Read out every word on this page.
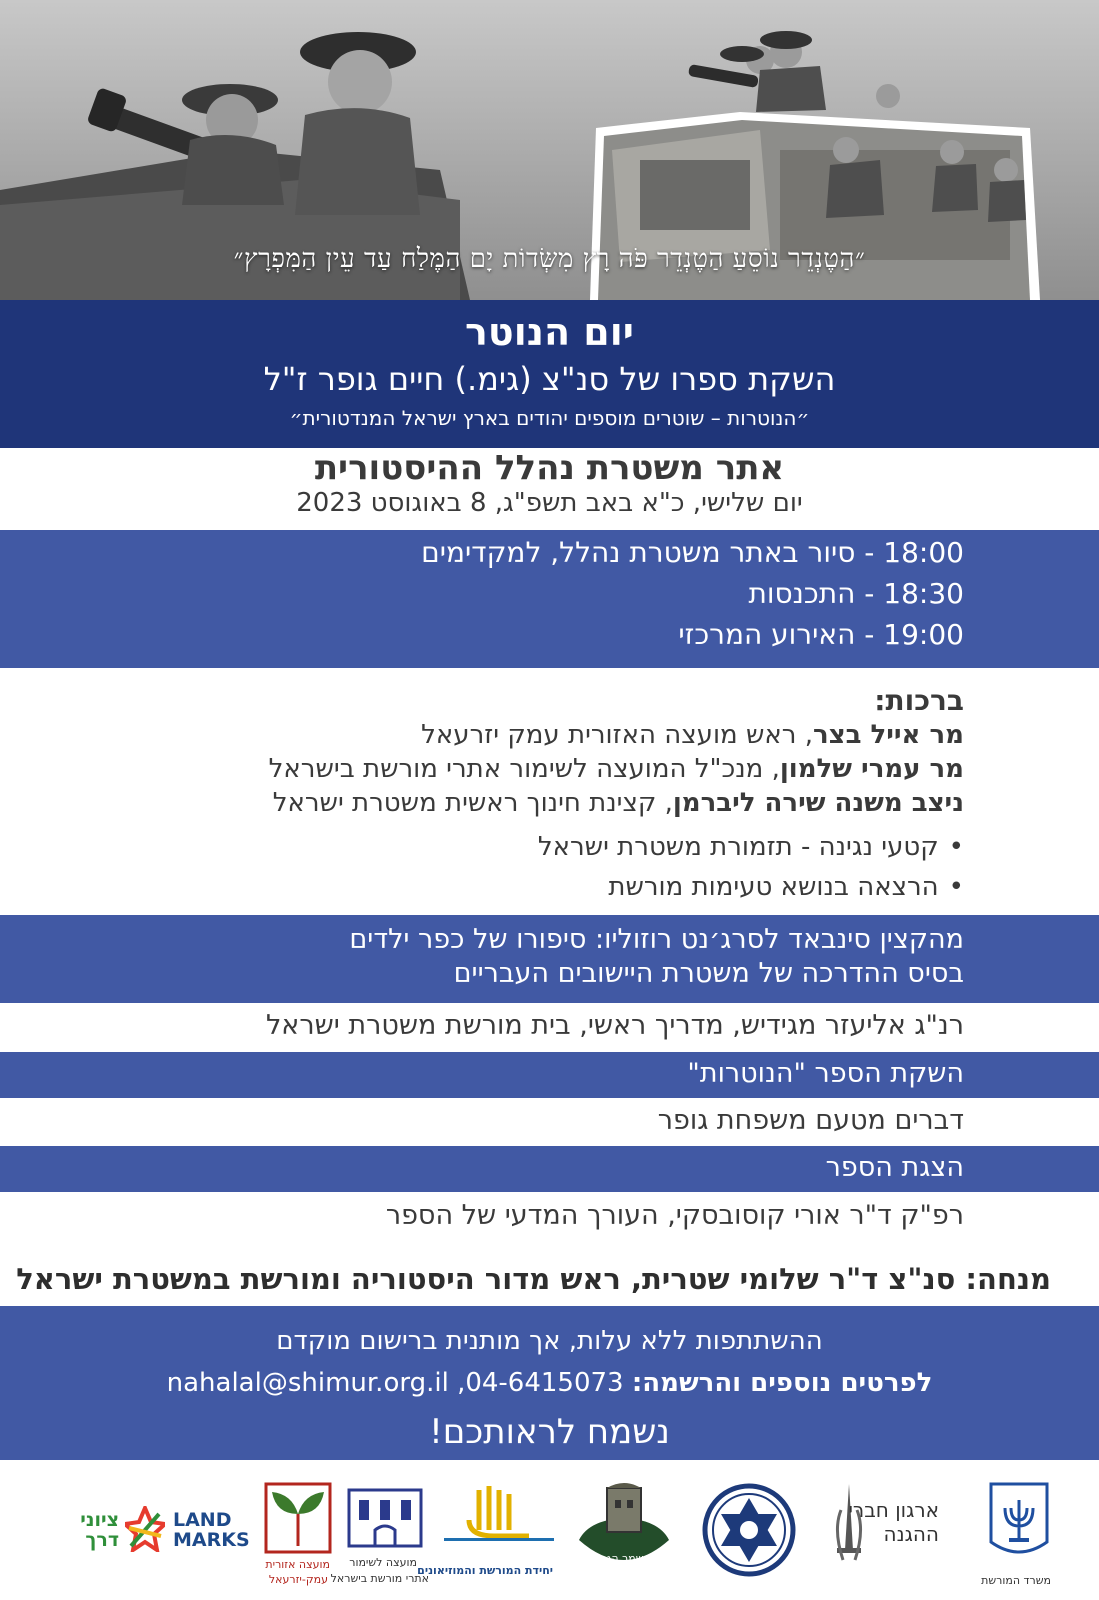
״הַטֶנְדֵר נוֹסֵעַ הַטֶנְדֵר פֹּה רָץ מִשְּׂדוֹת יָם הַמֶּלַח עַד עֵין הַמִּפְרָץ״
יום הנוטר
השקת ספרו של סנ"צ (גימ.) חיים גופר ז"ל
״הנוטרות – שוטרים מוספים יהודים בארץ ישראל המנדטורית״
אתר משטרת נהלל ההיסטורית
יום שלישי, כ"א באב תשפ"ג, 8 באוגוסט 2023
18:00 - סיור באתר משטרת נהלל, למקדימים
18:30 - התכנסות
19:00 - האירוע המרכזי
ברכות:
מר אייל בצר, ראש מועצה האזורית עמק יזרעאל
מר עמרי שלמון, מנכ"ל המועצה לשימור אתרי מורשת בישראל
ניצב משנה שירה ליברמן, קצינת חינוך ראשית משטרת ישראל
• קטעי נגינה - תזמורת משטרת ישראל
• הרצאה בנושא טעימות מורשת
מהקצין סינבאד לסרג׳נט רוזוליו: סיפורו של כפר ילדים
בסיס ההדרכה של משטרת היישובים העבריים
רנ"ג אליעזר מגידיש, מדריך ראשי, בית מורשת משטרת ישראל
השקת הספר "הנוטרות"
דברים מטעם משפחת גופר
הצגת הספר
רפ"ק ד"ר אורי קוסובסקי, העורך המדעי של הספר
מנחה: סנ"צ ד"ר שלומי שטרית, ראש מדור היסטוריה ומורשת במשטרת ישראל
ההשתתפות ללא עלות, אך מותנית ברישום מוקדם
לפרטים נוספים והרשמה: 04-6415073, nahalal@shimur.org.il
נשמח לראותכם!
משרד המורשת
ארגון חברי ההגנה
משמר הגבול
יחידת המורשת והמוזיאונים
מועצה לשימור
אתרי מורשת בישראל
מועצה אזורית
עמק-יזרעאל
LAND
MARKS
ציוני
דרך
